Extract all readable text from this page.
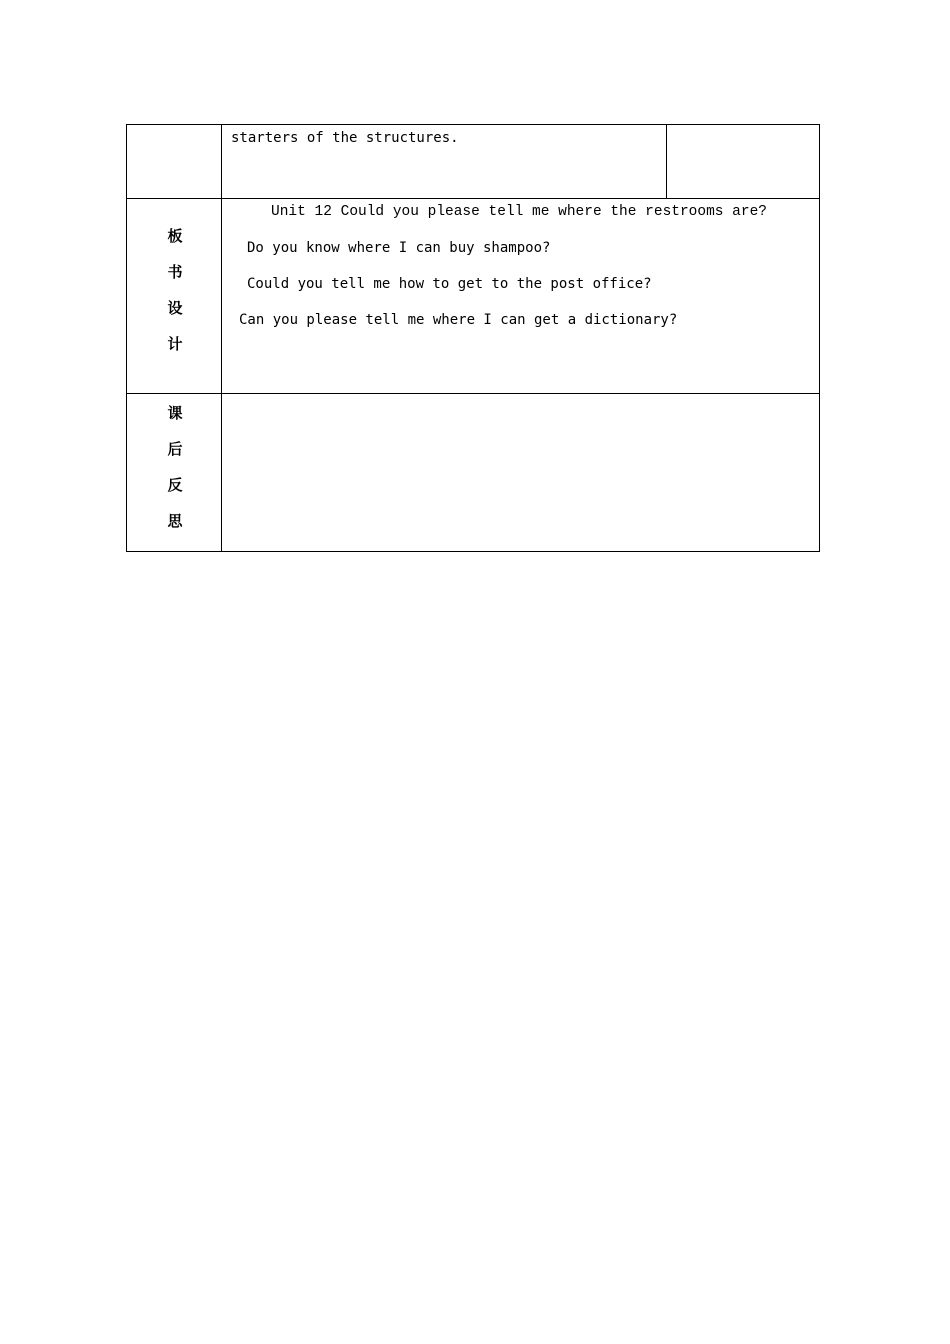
starters of the structures.
板
书
设
计
Unit 12 Could you please tell me where the restrooms are?
Do you know where I can buy shampoo?
Could you tell me how to get to the post office?
Can you please tell me where I can get a dictionary?
课
后
反
思
